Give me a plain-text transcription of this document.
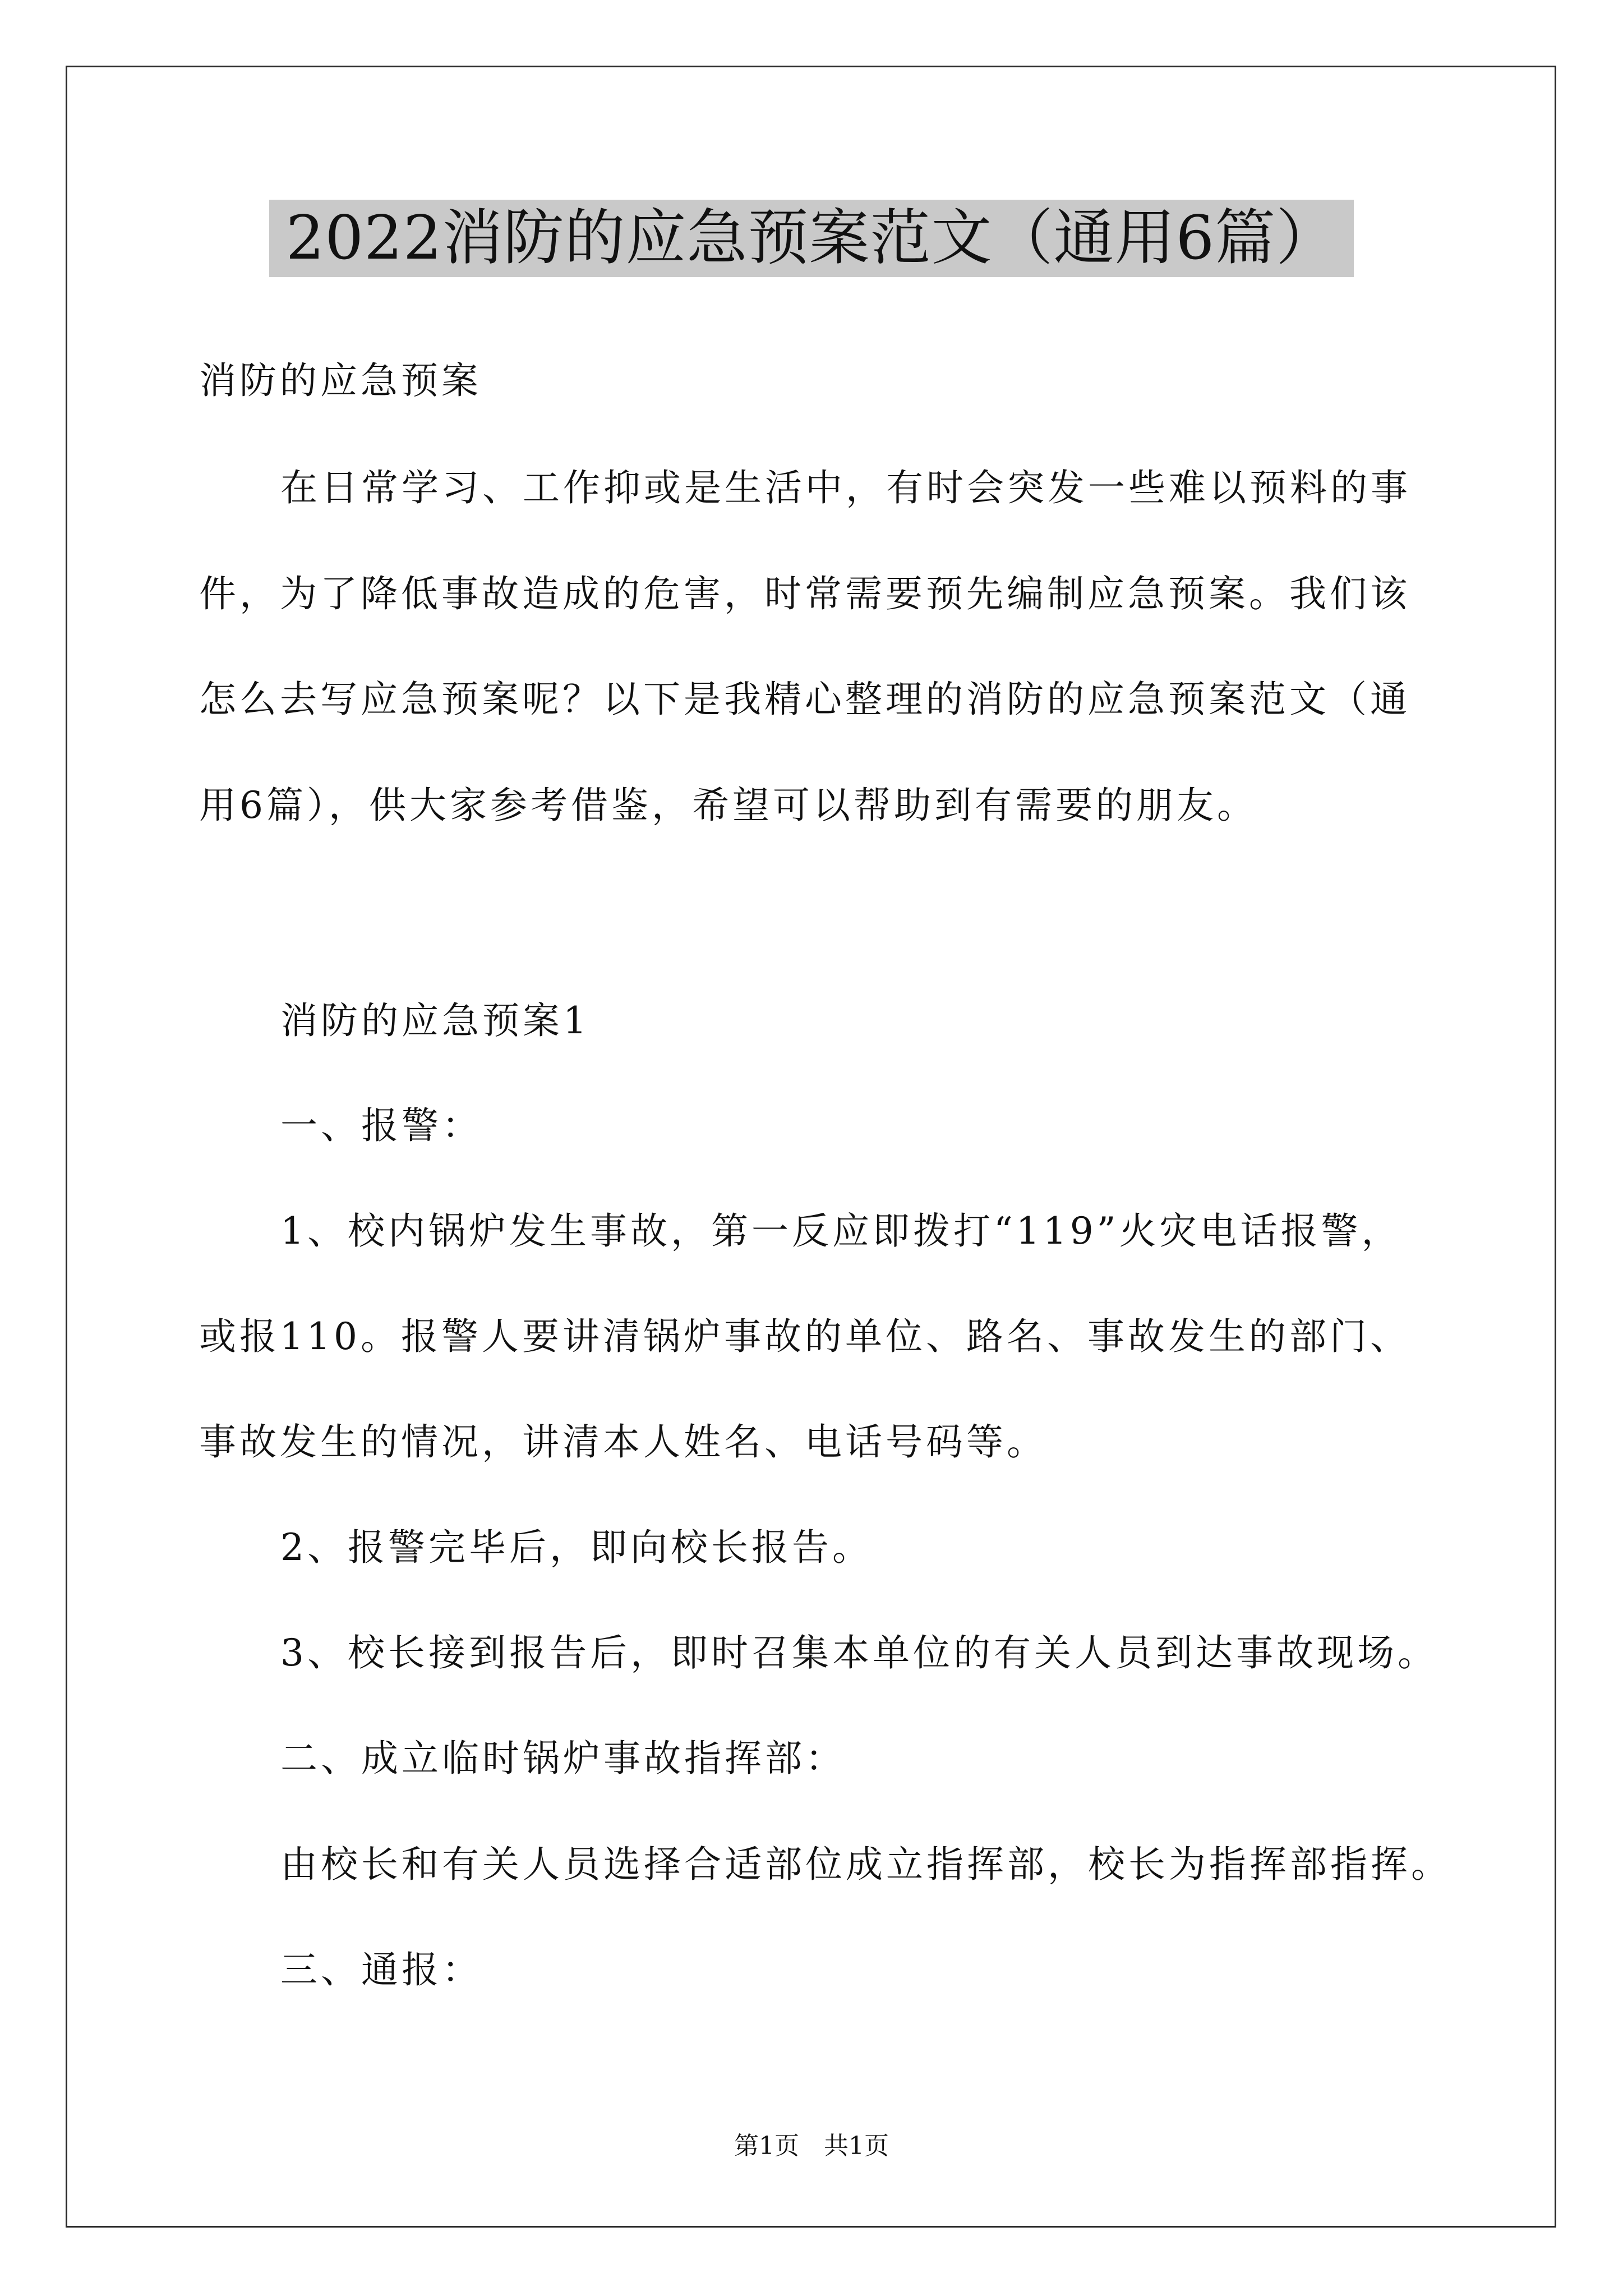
2022消防的应急预案范文（通用6篇）
消防的应急预案
在日常学习、工作抑或是生活中，有时会突发一些难以预料的事
件，为了降低事故造成的危害，时常需要预先编制应急预案。我们该
怎么去写应急预案呢？以下是我精心整理的消防的应急预案范文（通
用6篇），供大家参考借鉴，希望可以帮助到有需要的朋友。
消防的应急预案1
一、报警：
1、校内锅炉发生事故，第一反应即拨打“119”火灾电话报警，
或报110。报警人要讲清锅炉事故的单位、路名、事故发生的部门、
事故发生的情况，讲清本人姓名、电话号码等。
2、报警完毕后，即向校长报告。
3、校长接到报告后，即时召集本单位的有关人员到达事故现场。
二、成立临时锅炉事故指挥部：
由校长和有关人员选择合适部位成立指挥部，校长为指挥部指挥。
三、通报：
第1页　共1页
